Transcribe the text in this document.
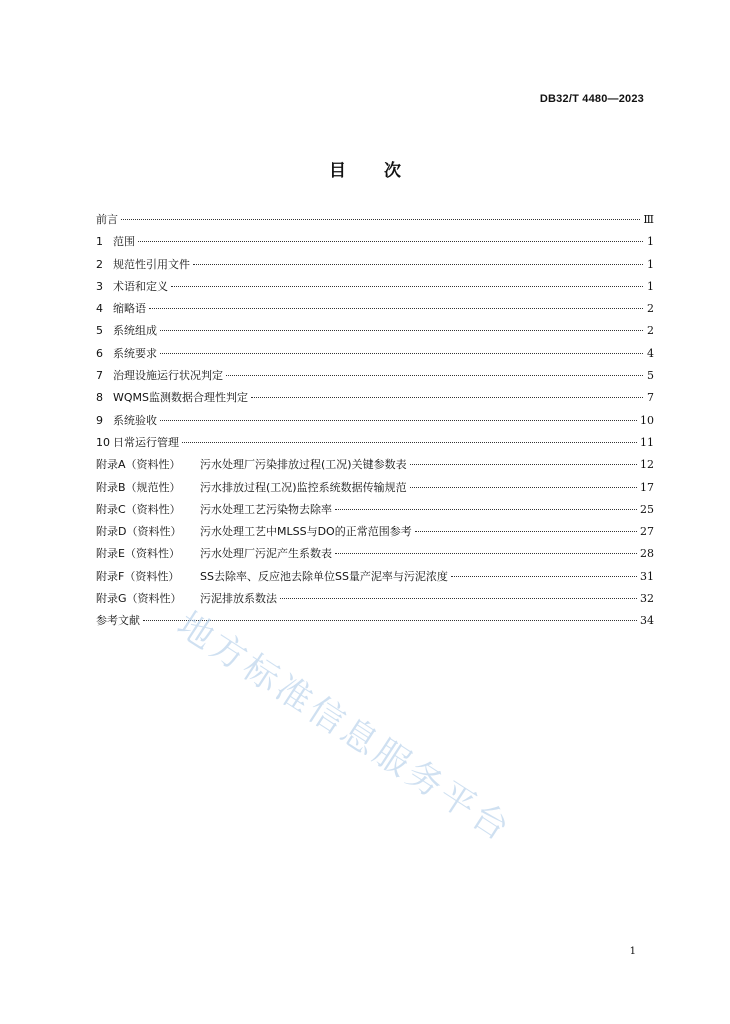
DB32/T 4480—2023
目 次
前言	Ⅲ
1 范围	1
2 规范性引用文件	1
3 术语和定义	1
4 缩略语	2
5 系统组成	2
6 系统要求	4
7 治理设施运行状况判定	5
8 WQMS监测数据合理性判定	7
9 系统验收	10
10 日常运行管理	11
附录A（资料性） 污水处理厂污染排放过程(工况)关键参数表	12
附录B（规范性） 污水排放过程(工况)监控系统数据传输规范	17
附录C（资料性） 污水处理工艺污染物去除率	25
附录D（资料性） 污水处理工艺中MLSS与DO的正常范围参考	27
附录E（资料性） 污水处理厂污泥产生系数表	28
附录F（资料性） SS去除率、反应池去除单位SS量产泥率与污泥浓度	31
附录G（资料性） 污泥排放系数法	32
参考文献	34
地方标准信息服务平台
1
